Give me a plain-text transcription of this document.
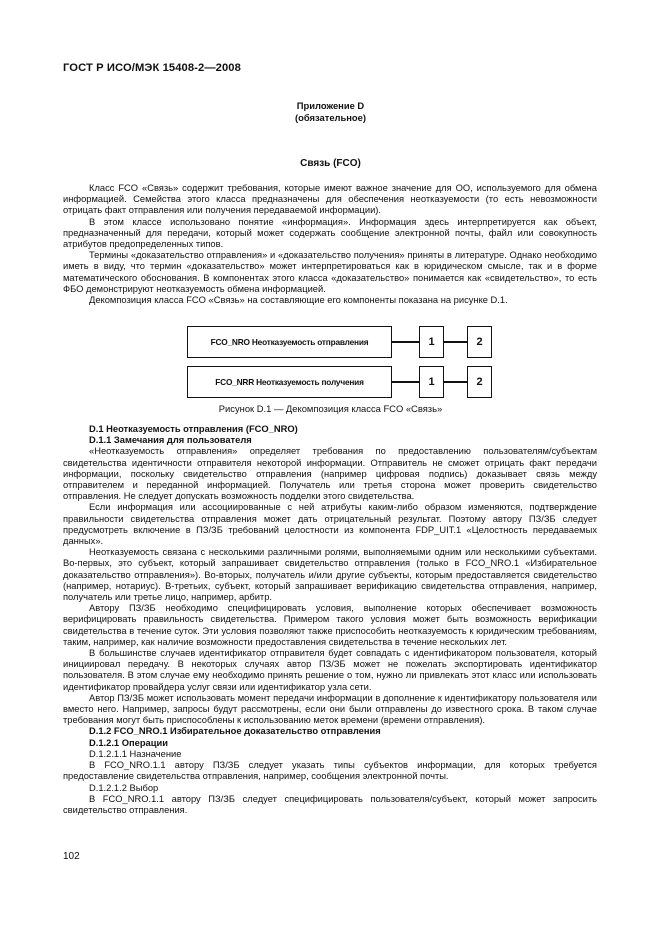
ГОСТ Р ИСО/МЭК 15408-2—2008
Приложение D
(обязательное)
Связь (FCO)

Класс FCO «Связь» содержит требования, которые имеют важное значение для ОО, используемого для обмена информацией. Семейства этого класса предназначены для обеспечения неотказуемости (то есть невозможности отрицать факт отправления или получения передаваемой информации).

В этом классе использовано понятие «информация». Информация здесь интерпретируется как объект, предназначенный для передачи, который может содержать сообщение электронной почты, файл или совокупность атрибутов предопределенных типов.

Термины «доказательство отправления» и «доказательство получения» приняты в литературе. Однако необходимо иметь в виду, что термин «доказательство» может интерпретироваться как в юридическом смысле, так и в форме математического обоснования. В компонентах этого класса «доказательство» понимается как «свидетельство», то есть ФБО демонстрируют неотказуемость обмена информацией.

Декомпозиция класса FCO «Связь» на составляющие его компоненты показана на рисунке D.1.

FCO_NRO Неотказуемость отправления	1	2
FCO_NRR Неотказуемость получения	1	2
Рисунок D.1 — Декомпозиция класса FCO «Связь»

D.1 Неотказуемость отправления (FCO_NRO)

D.1.1 Замечания для пользователя

«Неотказуемость отправления» определяет требования по предоставлению пользователям/субъектам свидетельства идентичности отправителя некоторой информации. Отправитель не сможет отрицать факт передачи информации, поскольку свидетельство отправления (например цифровая подпись) доказывает связь между отправителем и переданной информацией. Получатель или третья сторона может проверить свидетельство отправления. Не следует допускать возможность подделки этого свидетельства.

Если информация или ассоциированные с ней атрибуты каким-либо образом изменяются, подтверждение правильности свидетельства отправления может дать отрицательный результат. Поэтому автору ПЗ/ЗБ следует предусмотреть включение в ПЗ/ЗБ требований целостности из компонента FDP_UIT.1 «Целостность передаваемых данных».

Неотказуемость связана с несколькими различными ролями, выполняемыми одним или несколькими субъектами. Во-первых, это субъект, который запрашивает свидетельство отправления (только в FCO_NRO.1 «Избирательное доказательство отправления»). Во-вторых, получатель и/или другие субъекты, которым предоставляется свидетельство (например, нотариус). В-третьих, субъект, который запрашивает верификацию свидетельства отправления, например, получатель или третье лицо, например, арбитр.

Автору ПЗ/ЗБ необходимо специфицировать условия, выполнение которых обеспечивает возможность верифицировать правильность свидетельства. Примером такого условия может быть возможность верификации свидетельства в течение суток. Эти условия позволяют также приспособить неотказуемость к юридическим требованиям, таким, например, как наличие возможности предоставления свидетельства в течение нескольких лет.

В большинстве случаев идентификатор отправителя будет совпадать с идентификатором пользователя, который инициировал передачу. В некоторых случаях автор ПЗ/ЗБ может не пожелать экспортировать идентификатор пользователя. В этом случае ему необходимо принять решение о том, нужно ли привлекать этот класс или использовать идентификатор провайдера услуг связи или идентификатор узла сети.

Автор ПЗ/ЗБ может использовать момент передачи информации в дополнение к идентификатору пользователя или вместо него. Например, запросы будут рассмотрены, если они были отправлены до известного срока. В таком случае требования могут быть приспособлены к использованию меток времени (времени отправления).

D.1.2 FCO_NRO.1 Избирательное доказательство отправления

D.1.2.1 Операции

D.1.2.1.1 Назначение

В FCO_NRO.1.1 автору ПЗ/ЗБ следует указать типы субъектов информации, для которых требуется предоставление свидетельства отправления, например, сообщения электронной почты.

D.1.2.1.2 Выбор

В FCO_NRO.1.1 автору ПЗ/ЗБ следует специфицировать пользователя/субъект, который может запросить свидетельство отправления.

102
